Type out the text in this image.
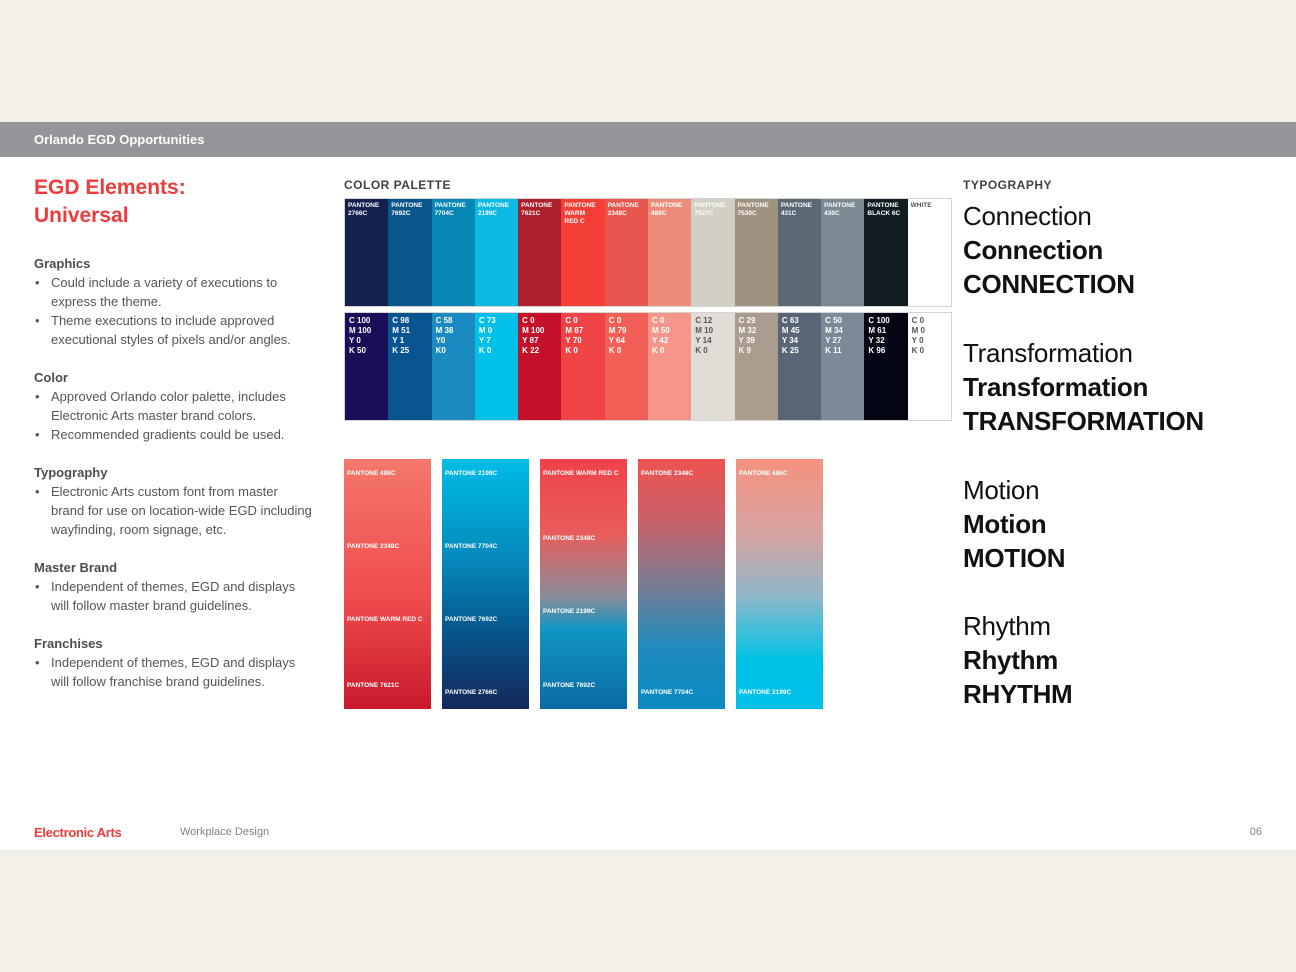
Orlando EGD Opportunities
EGD Elements:
Universal
Graphics
• Could include a variety of executions to
express the theme.
• Theme executions to include approved
executional styles of pixels and/or angles.
Color
• Approved Orlando color palette, includes
Electronic Arts master brand colors.
• Recommended gradients could be used.
Typography
• Electronic Arts custom font from master
brand for use on location-wide EGD including
wayfinding, room signage, etc.
Master Brand
• Independent of themes, EGD and displays
will follow master brand guidelines.
Franchises
• Independent of themes, EGD and displays
will follow franchise brand guidelines.
COLOR PALETTE
PANTONE
2766C
PANTONE
7692C
PANTONE
7704C
PANTONE
2199C
PANTONE
7621C
PANTONE
WARM
RED C
PANTONE
2348C
PANTONE
486C
PANTONE
7527C
PANTONE
7530C
PANTONE
431C
PANTONE
430C
PANTONE
BLACK 6C
WHITE
C 100
M 100
Y 0
K 50
C 98
M 51
Y 1
K 25
C 58
M 38
Y0
K0
C 73
M 0
Y 7
K 0
C 0
M 100
Y 87
K 22
C 0
M 87
Y 70
K 0
C 0
M 79
Y 64
K 0
C 0
M 50
Y 42
K 0
C 12
M 10
Y 14
K 0
C 29
M 32
Y 39
K 9
C 63
M 45
Y 34
K 25
C 50
M 34
Y 27
K 11
C 100
M 61
Y 32
K 96
C 0
M 0
Y 0
K 0
PANTONE 486C
PANTONE 2348C
PANTONE WARM RED C
PANTONE 7621C
PANTONE 2199C
PANTONE 7704C
PANTONE 7692C
PANTONE 2766C
PANTONE WARM RED C
PANTONE 2348C
PANTONE 2199C
PANTONE 7692C
PANTONE 2348C
PANTONE 7704C
PANTONE 486C
PANTONE 2199C
TYPOGRAPHY
Connection
Connection
CONNECTION
Transformation
Transformation
TRANSFORMATION
Motion
Motion
MOTION
Rhythm
Rhythm
RHYTHM
Electronic Arts	Workplace Design	06
